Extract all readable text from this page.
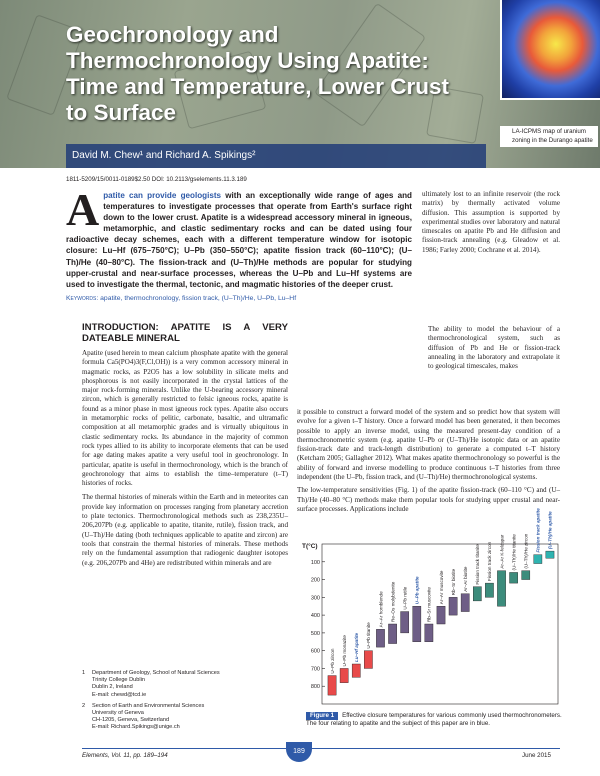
Geochronology and Thermochronology Using Apatite: Time and Temperature, Lower Crust to Surface
LA-ICPMS map of uranium zoning in the Durango apatite
David M. Chew¹ and Richard A. Spikings²
1811-5209/15/0011-0189$2.50 DOI: 10.2113/gselements.11.3.189
Apatite can provide geologists with an exceptionally wide range of ages and temperatures to investigate processes that operate from Earth's surface right down to the lower crust. Apatite is a widespread accessory mineral in igneous, metamorphic, and clastic sedimentary rocks and can be dated using four radioactive decay schemes, each with a different temperature window for isotopic closure: Lu–Hf (675–750°C); U–Pb (350–550°C); apatite fission track (60–110°C); (U–Th)/He (40–80°C). The fission-track and (U–Th)/He methods are popular for studying upper-crustal and near-surface processes, whereas the U–Pb and Lu–Hf systems are used to investigate the thermal, tectonic, and magmatic histories of the deeper crust.
Keywords: apatite, thermochronology, fission track, (U–Th)/He, U–Pb, Lu–Hf
ultimately lost to an infinite reservoir (the rock matrix) by thermally activated volume diffusion. This assumption is supported by experimental studies over laboratory and natural timescales on apatite Pb and He diffusion and fission-track annealing (e.g. Gleadow et al. 1986; Farley 2000; Cochrane et al. 2014).
The ability to model the behaviour of a thermochronological system, such as diffusion of Pb and He or fission-track annealing in the laboratory and extrapolate it to geological timescales, makes
INTRODUCTION: APATITE IS A VERY DATEABLE MINERAL

Apatite (used herein to mean calcium phosphate apatite with the general formula Ca5(PO4)3(F,Cl,OH)) is a very common accessory mineral in magmatic rocks, as P2O5 has a low solubility in silicate melts and phosphorous is not easily incorporated in the crystal lattices of the major rock-forming minerals. Unlike the U-bearing accessory mineral zircon, which is generally restricted to felsic igneous rocks, apatite is found as a minor phase in most igneous rock types. Apatite also occurs in metamorphic rocks of pelitic, carbonate, basaltic, and ultramafic composition at all metamorphic grades and is virtually ubiquitous in clastic sedimentary rocks. Its abundance in the majority of common rock types allied to its ability to incorporate elements that can be used for age dating makes apatite a very useful tool in geochronology. In particular, apatite is useful in thermochronology, which is the branch of geochronology that aims to establish the time–temperature (t–T) histories of rocks.

The thermal histories of minerals within the Earth and in meteorites can provide key information on processes ranging from planetary accretion to plate tectonics. Thermochronological methods such as 238,235U–206,207Pb (e.g. applicable to apatite, titanite, rutile), fission track, and (U–Th)/He dating (both techniques applicable to apatite and zircon) are tools that constrain the thermal histories of minerals. These methods rely on the fundamental assumption that radiogenic daughter isotopes (e.g. 206,207Pb and 4He) are redistributed within minerals and are

it possible to construct a forward model of the system and so predict how that system will evolve for a given t–T history. Once a forward model has been generated, it then becomes possible to apply an inverse model, using the measured present-day condition of a thermochronometric system (e.g. apatite U–Pb or (U–Th)/He isotopic data or an apatite fission-track date and track-length distribution) to generate a computed t–T history (Ketcham 2005; Gallagher 2012). What makes apatite thermochronology so powerful is the ability of forward and inverse modelling to produce continuous t–T histories from three independent (the U–Pb, fission track, and (U–Th)/He) thermochronological systems.

The low-temperature sensitivities (Fig. 1) of the apatite fission-track (60–110 °C) and (U–Th)/He (40–80 °C) methods make them popular tools for studying upper crustal and near-surface processes. Applications include

1	Department of Geology, School of Natural Sciences
Trinity College Dublin
Dublin 2, Ireland
E-mail: chewd@tcd.ie
2	Section of Earth and Environmental Sciences
University of Geneva
CH-1205, Geneva, Switzerland
E-mail: Richard.Spikings@unige.ch
T(°C)
100
200
300
400
500
600
700
800
U–Pb zircon U–Pb monazite Lu–Hf apatite U–Pb titanite
Ar–Ar hornblende Re–Os molybdenite U–Pb rutile U–Pb apatite Rb–Sr muscovite Ar–Ar muscovite Rb–Sr biotite Ar–Ar biotite Fission track titanite Fission track zircon Ar–Ar K-feldspar (U–Th)/He titanite (U–Th)/He zircon Fission track apatite (U–Th)/He apatite
Figure 1 Effective closure temperatures for various commonly used thermochronometers. The four relating to apatite and the subject of this paper are in blue.
Elements, Vol. 11, pp. 189–194
189
June 2015
